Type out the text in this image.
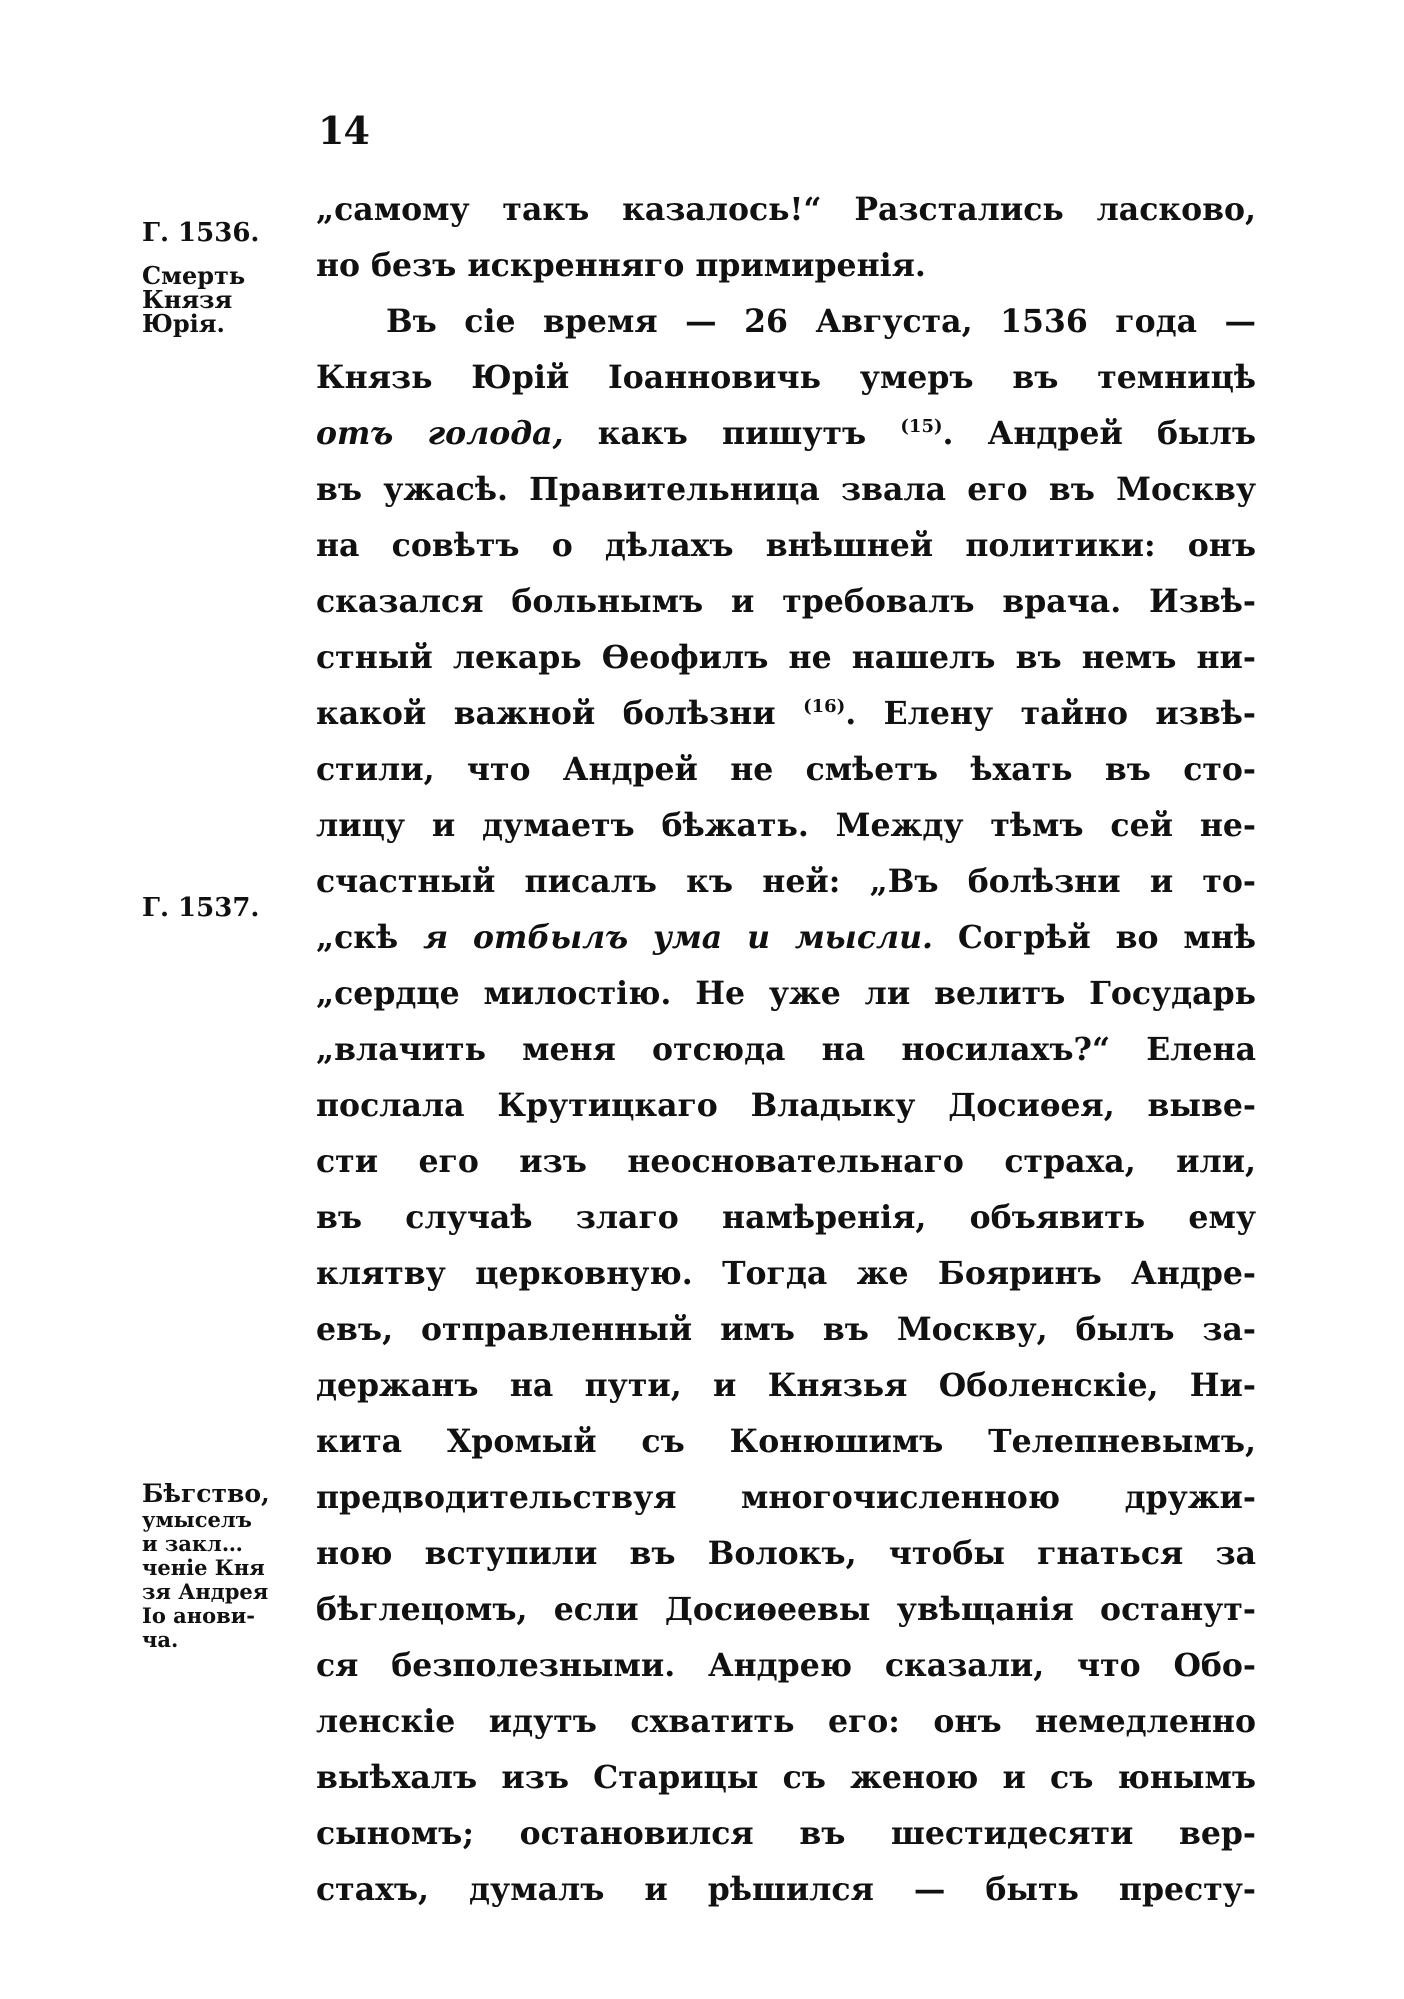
14
Г. 1536.
Смерть
Князя
Юрія.
Г. 1537.
Бѣгство,
умыселъ
и закл…
ченіе Кня
зя Андрея
Іо анови-
ча.
„самому такъ казалось!“ Разстались ласково,
но безъ искренняго примиренія.
Въ сіе время — 26 Августа, 1536 года —
Князь Юрій Іоанновичь умеръ въ темницѣ
отъ голода, какъ пишутъ $^{(15)}$. Андрей былъ
въ ужасѣ. Правительница звала его въ Москву
на совѣтъ о дѣлахъ внѣшней политики: онъ
сказался больнымъ и требовалъ врача. Извѣ-
стный лекарь Ѳеофилъ не нашелъ въ немъ ни-
какой важной болѣзни $^{(16)}$. Елену тайно извѣ-
стили, что Андрей не смѣетъ ѣхать въ сто-
лицу и думаетъ бѣжать. Между тѣмъ сей не-
счастный писалъ къ ней: „Въ болѣзни и то-
„скѣ я отбылъ ума и мысли. Согрѣй во мнѣ
„сердце милостію. Не уже ли велитъ Государь
„влачить меня отсюда на носилахъ?“ Елена
послала Крутицкаго Владыку Досиѳея, выве-
сти его изъ неосновательнаго страха, или,
въ случаѣ злаго намѣренія, объявить ему
клятву церковную. Тогда же Бояринъ Андре-
евъ, отправленный имъ въ Москву, былъ за-
держанъ на пути, и Князья Оболенскіе, Ни-
кита Хромый съ Конюшимъ Телепневымъ,
предводительствуя многочисленною дружи-
ною вступили въ Волокъ, чтобы гнаться за
бѣглецомъ, если Досиѳеевы увѣщанія останут-
ся безполезными. Андрею сказали, что Обо-
ленскіе идутъ схватить его: онъ немедленно
выѣхалъ изъ Старицы съ женою и съ юнымъ
сыномъ; остановился въ шестидесяти вер-
стахъ, думалъ и рѣшился — быть престу-
